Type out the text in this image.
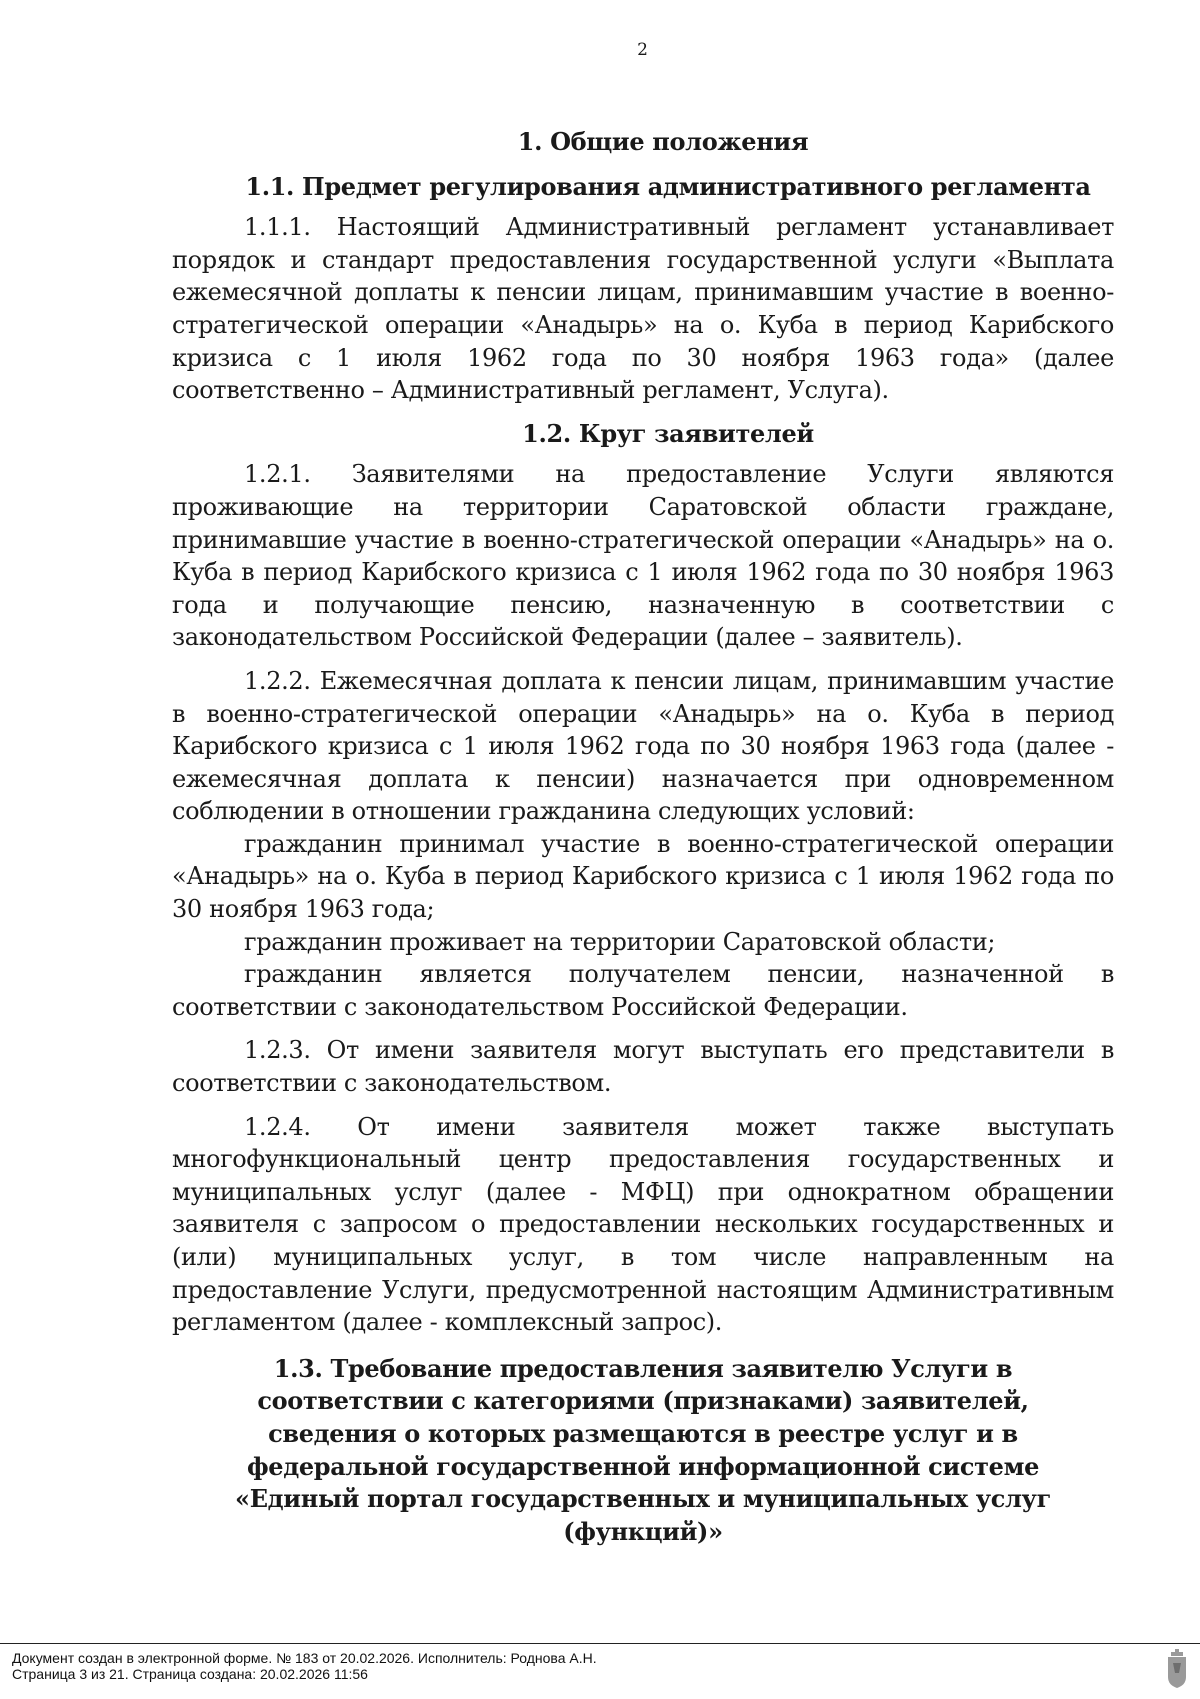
2
1. Общие положения
1.1. Предмет регулирования административного регламента

1.1.1. Настоящий Административный регламент устанавливает порядок и стандарт предоставления государственной услуги «Выплата ежемесячной доплаты к пенсии лицам, принимавшим участие в военно-стратегической операции «Анадырь» на о. Куба в период Карибского кризиса с 1 июля 1962 года по 30 ноября 1963 года» (далее соответственно – Административный регламент, Услуга).

1.2. Круг заявителей

1.2.1. Заявителями на предоставление Услуги являются проживающие на территории Саратовской области граждане, принимавшие участие в военно-стратегической операции «Анадырь» на о. Куба в период Карибского кризиса с 1 июля 1962 года по 30 ноября 1963 года и получающие пенсию, назначенную в соответствии с законодательством Российской Федерации (далее – заявитель).

1.2.2. Ежемесячная доплата к пенсии лицам, принимавшим участие в военно-стратегической операции «Анадырь» на о. Куба в период Карибского кризиса с 1 июля 1962 года по 30 ноября 1963 года (далее - ежемесячная доплата к пенсии) назначается при одновременном соблюдении в отношении гражданина следующих условий:

гражданин принимал участие в военно-стратегической операции «Анадырь» на о. Куба в период Карибского кризиса с 1 июля 1962 года по 30 ноября 1963 года;

гражданин проживает на территории Саратовской области;

гражданин является получателем пенсии, назначенной в соответствии с законодательством Российской Федерации.

1.2.3. От имени заявителя могут выступать его представители в соответствии с законодательством.

1.2.4. От имени заявителя может также выступать многофункциональный центр предоставления государственных и муниципальных услуг (далее - МФЦ) при однократном обращении заявителя с запросом о предоставлении нескольких государственных и (или) муниципальных услуг, в том числе направленным на предоставление Услуги, предусмотренной настоящим Административным регламентом (далее - комплексный запрос).

1.3. Требование предоставления заявителю Услуги в соответствии с категориями (признаками) заявителей, сведения о которых размещаются в реестре услуг и в федеральной государственной информационной системе «Единый портал государственных и муниципальных услуг (функций)»
Документ создан в электронной форме. № 183 от 20.02.2026. Исполнитель: Роднова А.Н.
Страница 3 из 21. Страница создана: 20.02.2026 11:56
